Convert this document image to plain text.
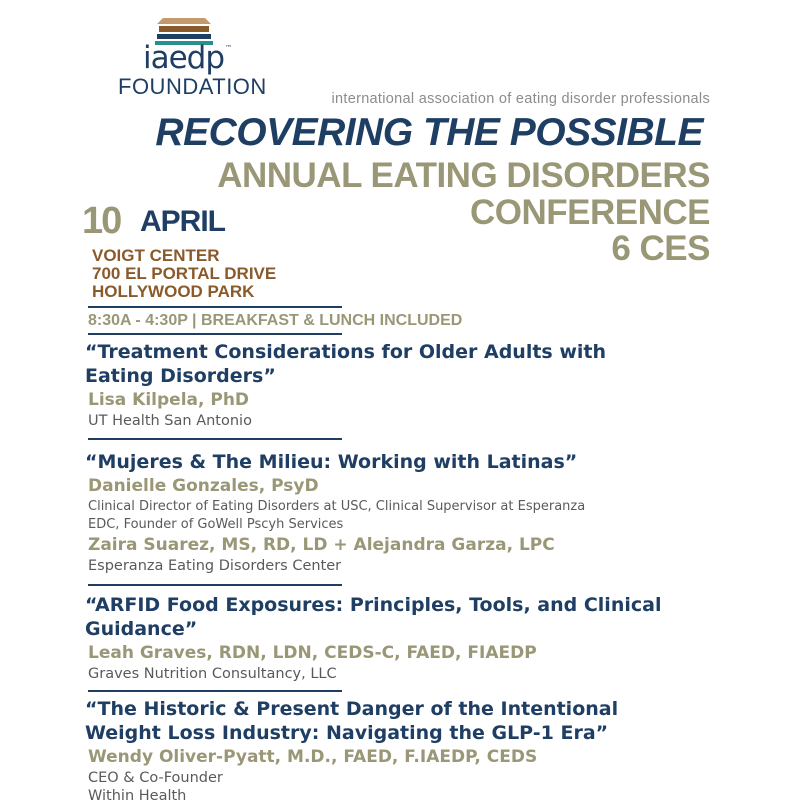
iaedp™
FOUNDATION	international association of eating disorder professionals
RECOVERING THE POSSIBLE
ANNUAL EATING DISORDERS
CONFERENCE
6 CES
10 APRIL
VOIGT CENTER
700 EL PORTAL DRIVE
HOLLYWOOD PARK
8:30A - 4:30P | BREAKFAST & LUNCH INCLUDED
“Treatment Considerations for Older Adults with
Eating Disorders”
Lisa Kilpela, PhD
UT Health San Antonio
“Mujeres & The Milieu: Working with Latinas”
Danielle Gonzales, PsyD
Clinical Director of Eating Disorders at USC, Clinical Supervisor at Esperanza
EDC, Founder of GoWell Pscyh Services
Zaira Suarez, MS, RD, LD + Alejandra Garza, LPC
Esperanza Eating Disorders Center
“ARFID Food Exposures: Principles, Tools, and Clinical
Guidance”
Leah Graves, RDN, LDN, CEDS-C, FAED, FIAEDP
Graves Nutrition Consultancy, LLC
“The Historic & Present Danger of the Intentional
Weight Loss Industry: Navigating the GLP-1 Era”
Wendy Oliver-Pyatt, M.D., FAED, F.IAEDP, CEDS
CEO & Co-Founder
Within Health
